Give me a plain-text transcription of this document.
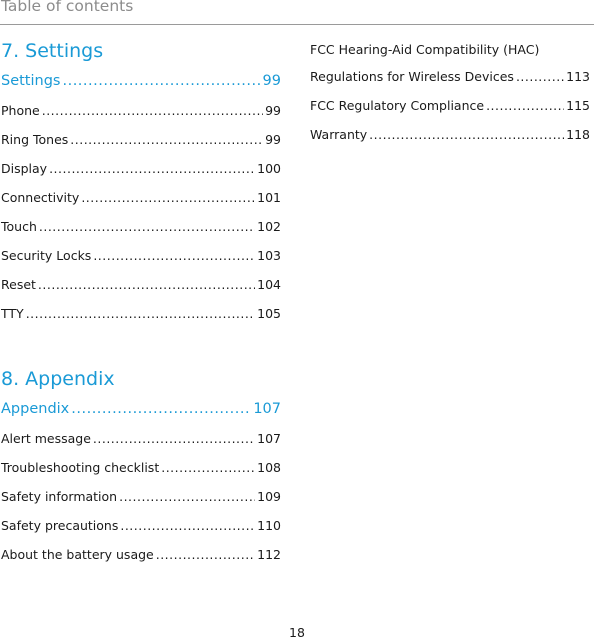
Table of contents
7. Settings
Settings .....	99
Phone .....	99
Ring Tones .....	99
Display .....	100
Connectivity .....	101
Touch .....	102
Security Locks .....	103
Reset .....	104
TTY .....	105
8. Appendix
Appendix .....	107
Alert message .....	107
Troubleshooting checklist .....	108
Safety information .....	109
Safety precautions .....	110
About the battery usage .....	112
FCC Hearing-Aid Compatibility (HAC)
Regulations for Wireless Devices .....	113
FCC Regulatory Compliance .....	115
Warranty .....	118
18
